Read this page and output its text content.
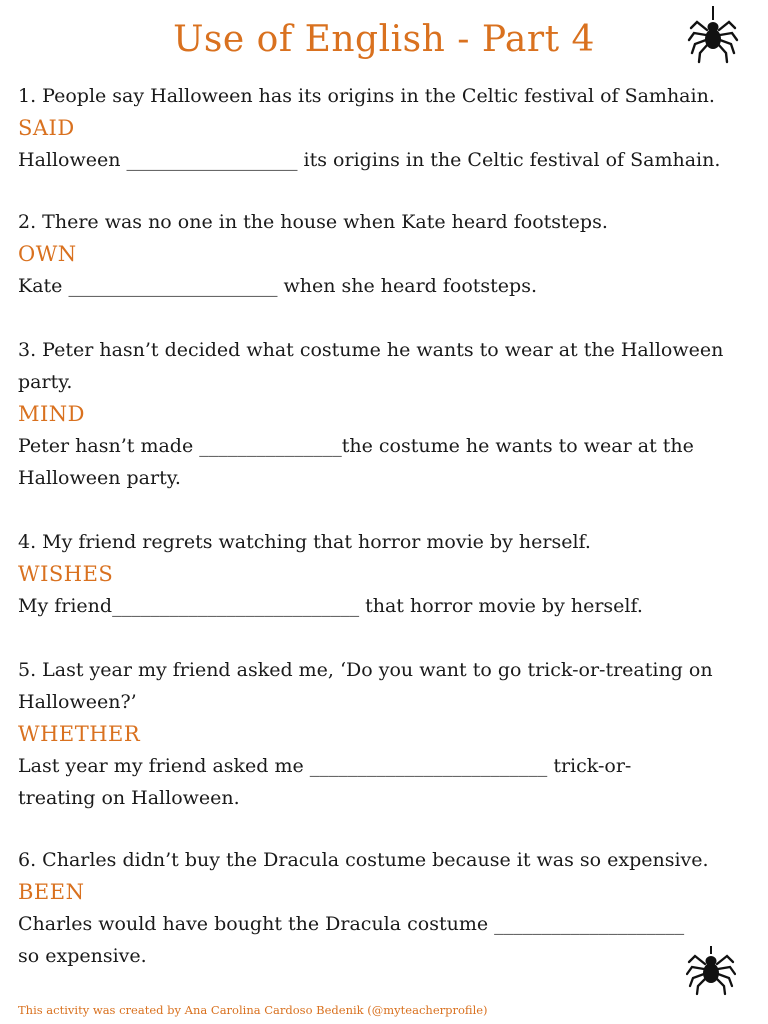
Use of English - Part 4
1. People say Halloween has its origins in the Celtic festival of Samhain.
SAID
Halloween __________________ its origins in the Celtic festival of Samhain.
2. There was no one in the house when Kate heard footsteps.
OWN
Kate ______________________ when she heard footsteps.
3. Peter hasn’t decided what costume he wants to wear at the Halloween
party.
MIND
Peter hasn’t made _______________the costume he wants to wear at the
Halloween party.
4. My friend regrets watching that horror movie by herself.
WISHES
My friend__________________________ that horror movie by herself.
5. Last year my friend asked me, ‘Do you want to go trick-or-treating on
Halloween?’
WHETHER
Last year my friend asked me _________________________ trick-or-
treating on Halloween.
6. Charles didn’t buy the Dracula costume because it was so expensive.
BEEN
Charles would have bought the Dracula costume ____________________
so expensive.
This activity was created by Ana Carolina Cardoso Bedenik (@myteacherprofile)
